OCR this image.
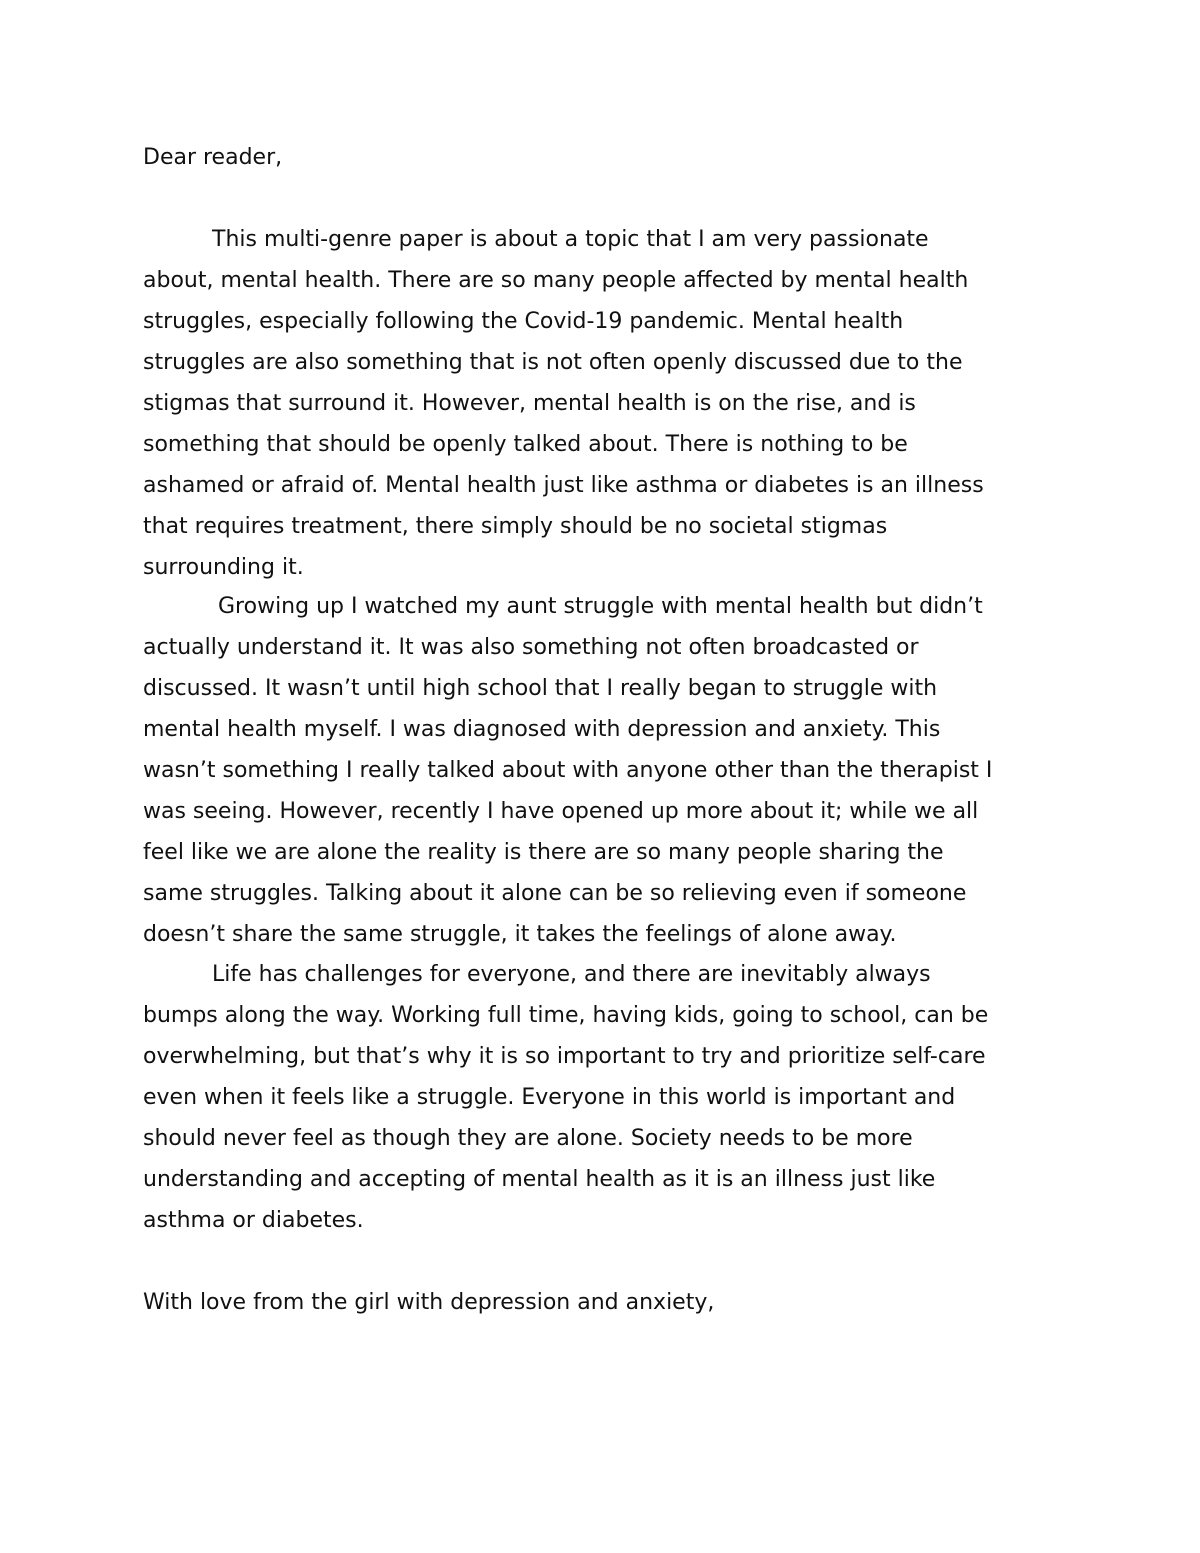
Dear reader,

This multi-genre paper is about a topic that I am very passionate
about, mental health. There are so many people affected by mental health
struggles, especially following the Covid-19 pandemic. Mental health
struggles are also something that is not often openly discussed due to the
stigmas that surround it. However, mental health is on the rise, and is
something that should be openly talked about. There is nothing to be
ashamed or afraid of. Mental health just like asthma or diabetes is an illness
that requires treatment, there simply should be no societal stigmas
surrounding it.

Growing up I watched my aunt struggle with mental health but didn’t
actually understand it. It was also something not often broadcasted or
discussed. It wasn’t until high school that I really began to struggle with
mental health myself. I was diagnosed with depression and anxiety. This
wasn’t something I really talked about with anyone other than the therapist I
was seeing. However, recently I have opened up more about it; while we all
feel like we are alone the reality is there are so many people sharing the
same struggles. Talking about it alone can be so relieving even if someone
doesn’t share the same struggle, it takes the feelings of alone away.

Life has challenges for everyone, and there are inevitably always
bumps along the way. Working full time, having kids, going to school, can be
overwhelming, but that’s why it is so important to try and prioritize self-care
even when it feels like a struggle. Everyone in this world is important and
should never feel as though they are alone. Society needs to be more
understanding and accepting of mental health as it is an illness just like
asthma or diabetes.

With love from the girl with depression and anxiety,
